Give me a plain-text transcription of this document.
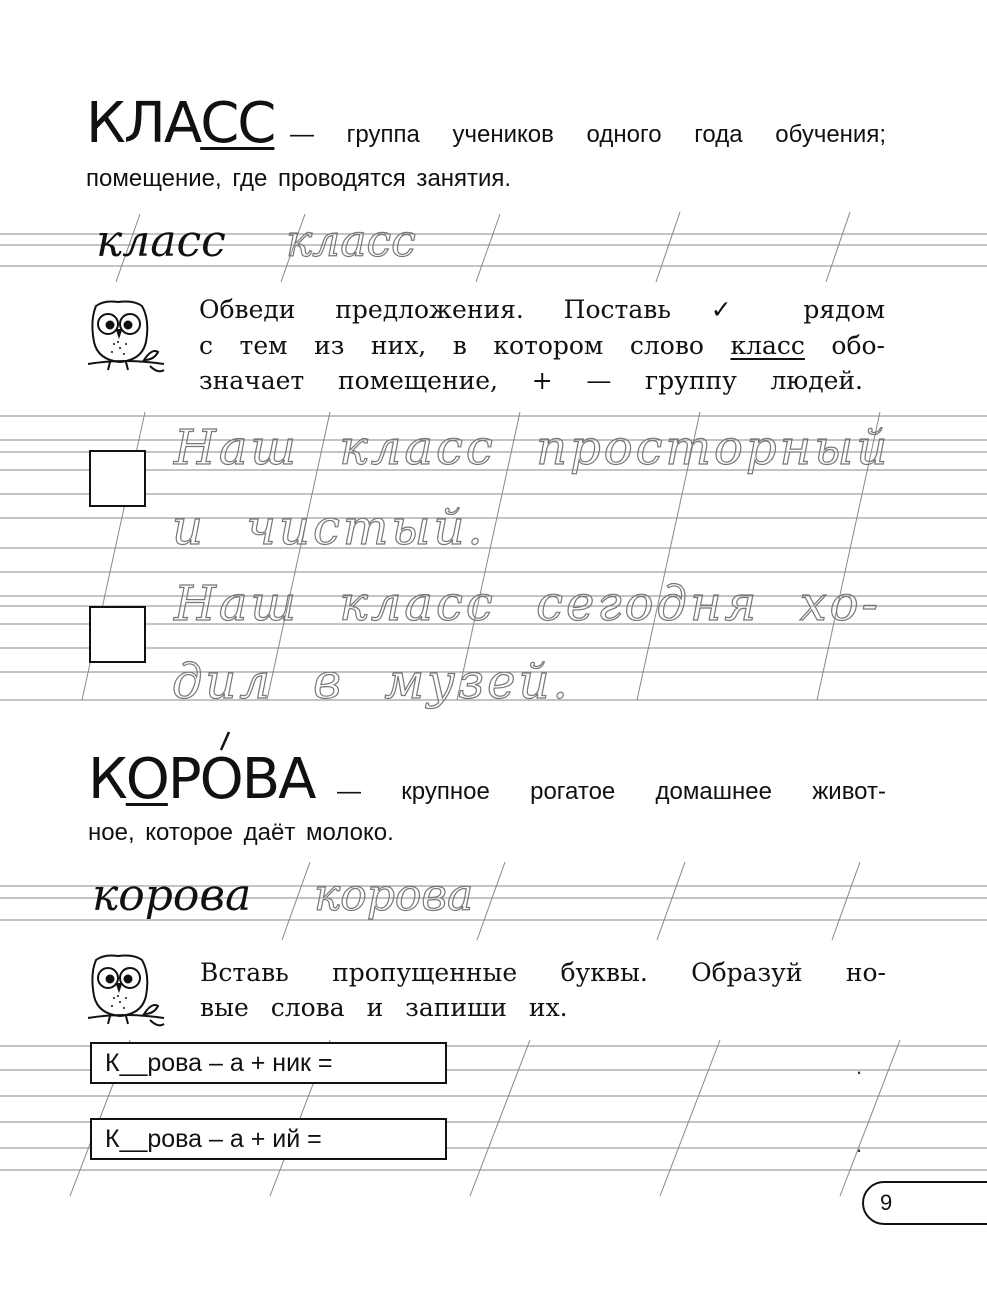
КЛАСС — группа учеников одного года обучения;
помещение, где проводятся занятия.
класс класс
Обведи предложения. Поставь ✓ рядом
с тем из них, в котором слово класс обо-
значает помещение, + — группу людей.
Наш класс просторный
и чистый.
Наш класс сегодня хо-
дил в музей.
КОРО
ВА — крупное рогатое домашнее живот-
ное, которое даёт молоко.
корова корова
Вставь пропущенные буквы. Образуй но-
вые слова и запиши их.
К__рова – а + ник =
К__рова – а + ий =
.
.
9
